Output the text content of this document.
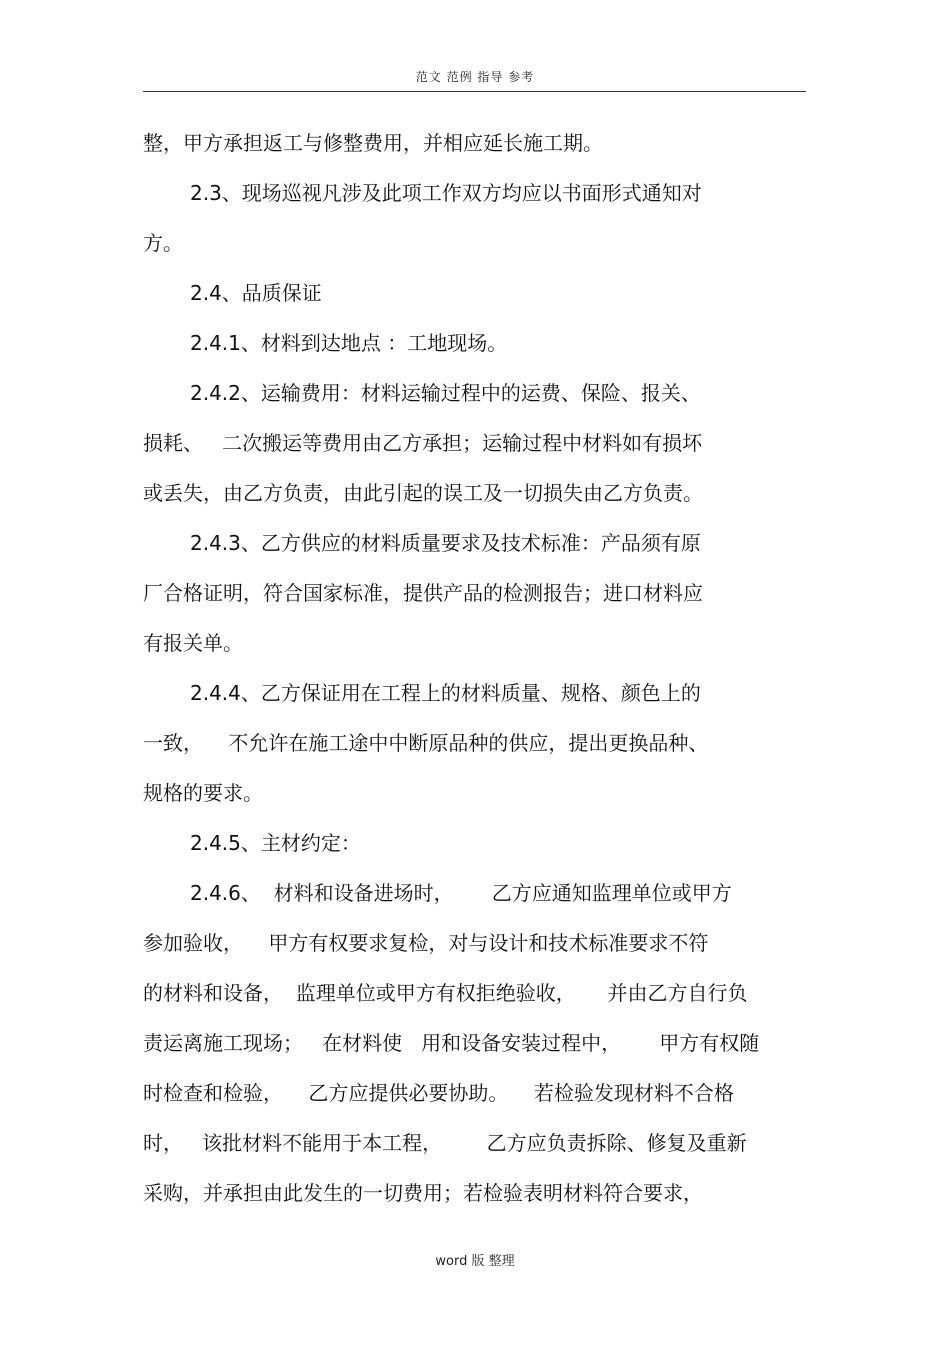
范文 范例 指导 参考
整，甲方承担返工与修整费用，并相应延长施工期。
2.3、现场巡视凡涉及此项工作双方均应以书面形式通知对
方。
2.4、品质保证
2.4.1、材料到达地点 ：工地现场。
2.4.2、运输费用：材料运输过程中的运费、保险、报关、
损耗、   二次搬运等费用由乙方承担；运输过程中材料如有损坏
或丢失，由乙方负责，由此引起的误工及一切损失由乙方负责。
2.4.3、乙方供应的材料质量要求及技术标准：产品须有原
厂合格证明，符合国家标准，提供产品的检测报告；进口材料应
有报关单。
2.4.4、乙方保证用在工程上的材料质量、规格、颜色上的
一致，    不允许在施工途中中断原品种的供应，提出更换品种、
规格的要求。
2.4.5、主材约定：
2.4.6、  材料和设备进场时，      乙方应通知监理单位或甲方
参加验收，    甲方有权要求复检，对与设计和技术标准要求不符
的材料和设备，  监理单位或甲方有权拒绝验收，     并由乙方自行负
责运离施工现场；   在材料使   用和设备安装过程中，      甲方有权随
时检查和检验，    乙方应提供必要协助。    若检验发现材料不合格
时，   该批材料不能用于本工程，       乙方应负责拆除、修复及重新
采购，并承担由此发生的一切费用；若检验表明材料符合要求，
word 版 整理
